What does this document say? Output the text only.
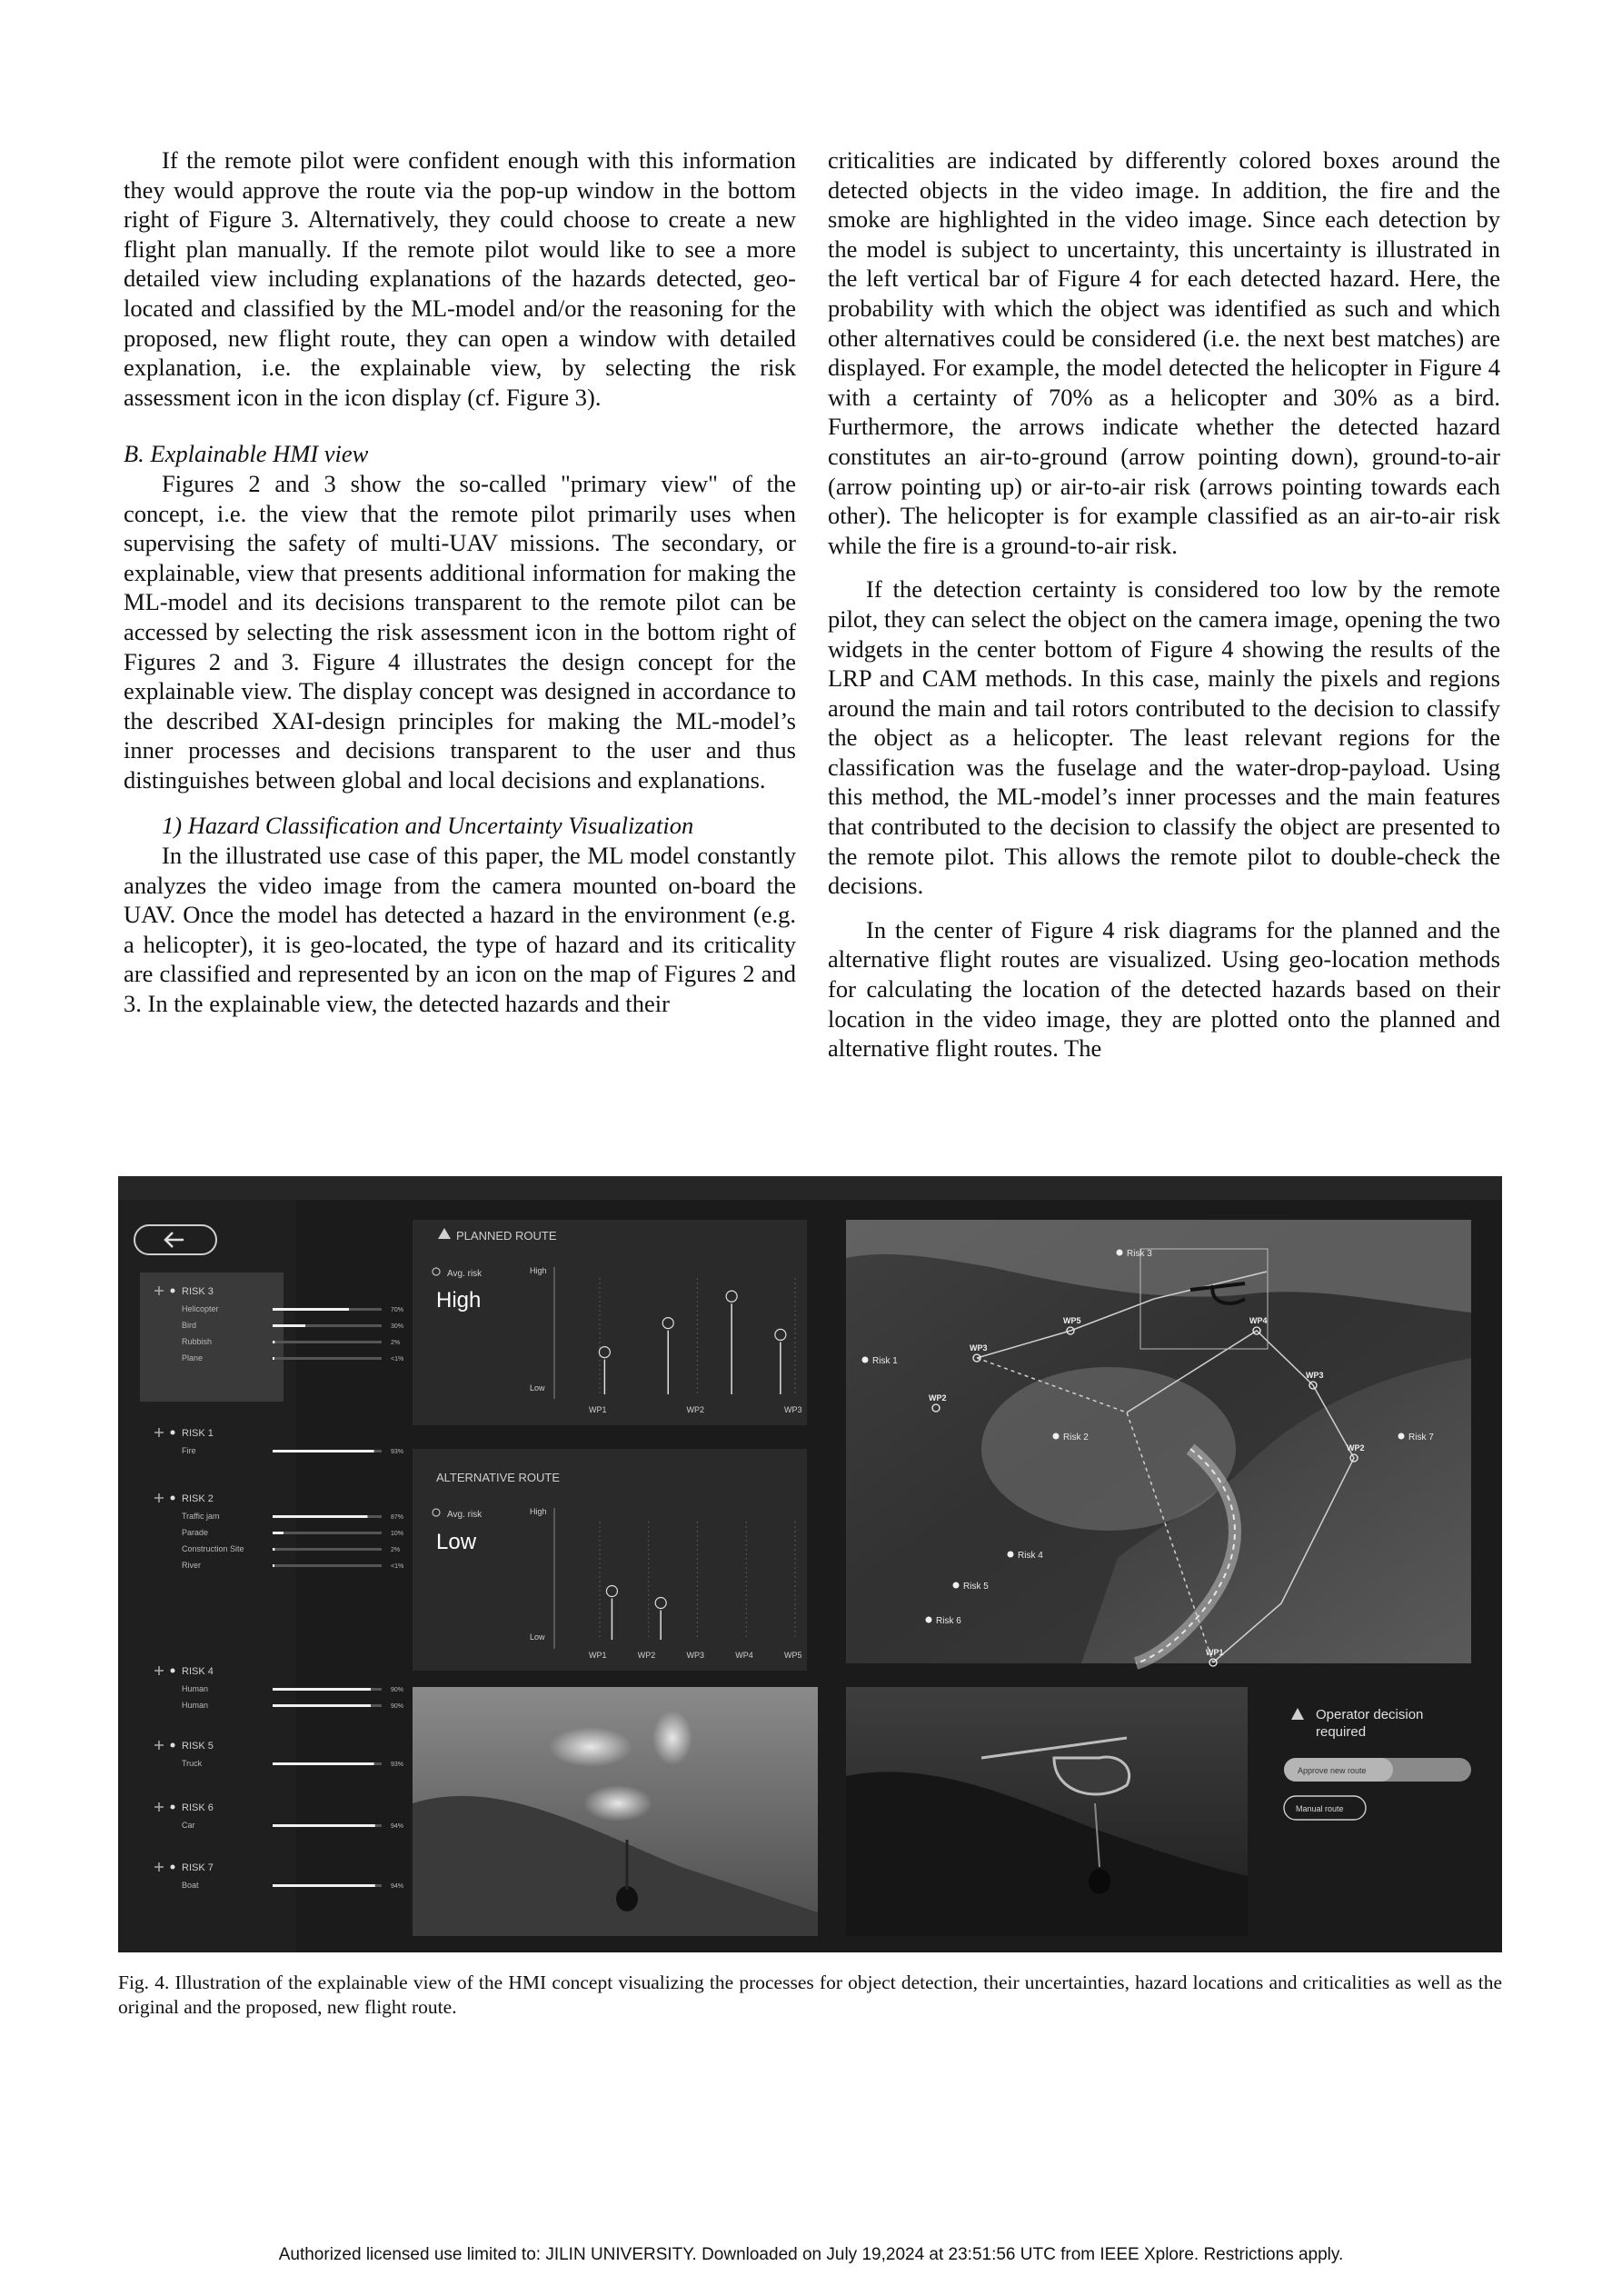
If the remote pilot were confident enough with this information they would approve the route via the pop-up window in the bottom right of Figure 3. Alternatively, they could choose to create a new flight plan manually. If the remote pilot would like to see a more detailed view including explanations of the hazards detected, geo-located and classified by the ML-model and/or the reasoning for the proposed, new flight route, they can open a window with detailed explanation, i.e. the explainable view, by selecting the risk assessment icon in the icon display (cf. Figure 3).

B. Explainable HMI view

Figures 2 and 3 show the so-called "primary view" of the concept, i.e. the view that the remote pilot primarily uses when supervising the safety of multi-UAV missions. The secondary, or explainable, view that presents additional information for making the ML-model and its decisions transparent to the remote pilot can be accessed by selecting the risk assessment icon in the bottom right of Figures 2 and 3. Figure 4 illustrates the design concept for the explainable view. The display concept was designed in accordance to the described XAI-design principles for making the ML-model’s inner processes and decisions transparent to the user and thus distinguishes between global and local decisions and explanations.

1) Hazard Classification and Uncertainty Visualization

In the illustrated use case of this paper, the ML model constantly analyzes the video image from the camera mounted on-board the UAV. Once the model has detected a hazard in the environment (e.g. a helicopter), it is geo-located, the type of hazard and its criticality are classified and represented by an icon on the map of Figures 2 and 3. In the explainable view, the detected hazards and their

criticalities are indicated by differently colored boxes around the detected objects in the video image. In addition, the fire and the smoke are highlighted in the video image. Since each detection by the model is subject to uncertainty, this uncertainty is illustrated in the left vertical bar of Figure 4 for each detected hazard. Here, the probability with which the object was identified as such and which other alternatives could be considered (i.e. the next best matches) are displayed. For example, the model detected the helicopter in Figure 4 with a certainty of 70% as a helicopter and 30% as a bird. Furthermore, the arrows indicate whether the detected hazard constitutes an air-to-ground (arrow pointing down), ground-to-air (arrow pointing up) or air-to-air risk (arrows pointing towards each other). The helicopter is for example classified as an air-to-air risk while the fire is a ground-to-air risk.

If the detection certainty is considered too low by the remote pilot, they can select the object on the camera image, opening the two widgets in the center bottom of Figure 4 showing the results of the LRP and CAM methods. In this case, mainly the pixels and regions around the main and tail rotors contributed to the decision to classify the object as a helicopter. The least relevant regions for the classification was the fuselage and the water-drop-payload. Using this method, the ML-model’s inner processes and the main features that contributed to the decision to classify the object are presented to the remote pilot. This allows the remote pilot to double-check the decisions.

In the center of Figure 4 risk diagrams for the planned and the alternative flight routes are visualized. Using geo-location methods for calculating the location of the detected hazards based on their location in the video image, they are plotted onto the planned and alternative flight routes. The

RISK 3
Helicopter	70%
Bird	30%
Rubbish	2%
Plane	<1%
RISK 1
Fire	93%
RISK 2
Traffic jam	87%
Parade	10%
Construction Site	2%
River	<1%
RISK 4
Human	90%
Human	90%
RISK 5
Truck	93%
RISK 6
Car	94%
RISK 7
Boat	94%
PLANNED ROUTE
Avg. risk
High
High
Low
WP1	WP2	WP3
ALTERNATIVE ROUTE
Avg. risk
Low
High
Low
WP1	WP2	WP3	WP4	WP5
Risk 3
Risk 1
Risk 2	Risk 7
Risk 4
Risk 5
Risk 6
WP3
WP5
WP2
WP4
WP3
WP2
WP1
Operator decision
required
Approve new route
Manual route
Fig. 4. Illustration of the explainable view of the HMI concept visualizing the processes for object detection, their uncertainties, hazard locations and criticalities as well as the original and the proposed, new flight route.
Authorized licensed use limited to: JILIN UNIVERSITY. Downloaded on July 19,2024 at 23:51:56 UTC from IEEE Xplore. Restrictions apply.
